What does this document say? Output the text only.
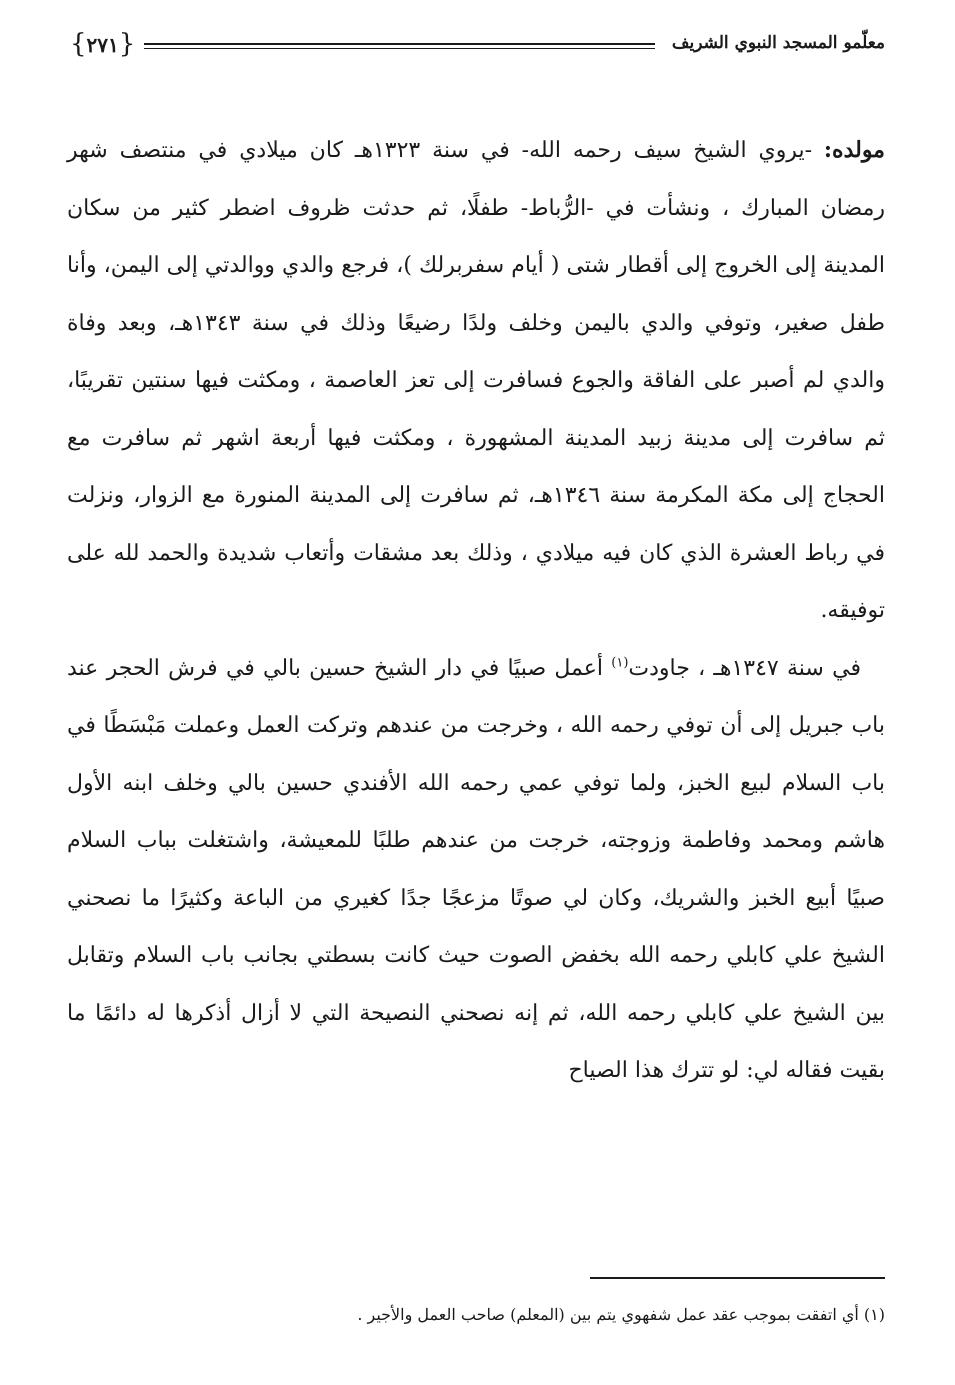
{٢٧١}	معلّمو المسجد النبوي الشريف

مولده: -يروي الشيخ سيف رحمه الله- في سنة ١٣٢٣هـ كان ميلادي في منتصف شهر رمضان المبارك ، ونشأت في -الرُّباط- طفلًا، ثم حدثت ظروف اضطر كثير من سكان المدينة إلى الخروج إلى أقطار شتى ( أيام سفربرلك )، فرجع والدي ووالدتي إلى اليمن، وأنا طفل صغير، وتوفي والدي باليمن وخلف ولدًا رضيعًا وذلك في سنة ١٣٤٣هـ، وبعد وفاة والدي لم أصبر على الفاقة والجوع فسافرت إلى تعز العاصمة ، ومكثت فيها سنتين تقريبًا، ثم سافرت إلى مدينة زبيد المدينة المشهورة ، ومكثت فيها أربعة اشهر ثم سافرت مع الحجاج إلى مكة المكرمة سنة ١٣٤٦هـ، ثم سافرت إلى المدينة المنورة مع الزوار، ونزلت في رباط العشرة الذي كان فيه ميلادي ، وذلك بعد مشقات وأتعاب شديدة والحمد لله على توفيقه.

في سنة ١٣٤٧هـ ، جاودت$^{(١)}$ أعمل صبيًا في دار الشيخ حسين بالي في فرش الحجر عند باب جبريل إلى أن توفي رحمه الله ، وخرجت من عندهم وتركت العمل وعملت مَبْسَطًا في باب السلام لبيع الخبز، ولما توفي عمي رحمه الله الأفندي حسين بالي وخلف ابنه الأول هاشم ومحمد وفاطمة وزوجته، خرجت من عندهم طلبًا للمعيشة، واشتغلت بباب السلام صبيًا أبيع الخبز والشريك، وكان لي صوتًا مزعجًا جدًا كغيري من الباعة وكثيرًا ما نصحني الشيخ علي كابلي رحمه الله بخفض الصوت حيث كانت بسطتي بجانب باب السلام وتقابل بين الشيخ علي كابلي رحمه الله، ثم إنه نصحني النصيحة التي لا أزال أذكرها له دائمًا ما بقيت فقاله لي: لو تترك هذا الصياح

(١) أي اتفقت بموجب عقد عمل شفهوي يتم بين (المعلم) صاحب العمل والأجير .
